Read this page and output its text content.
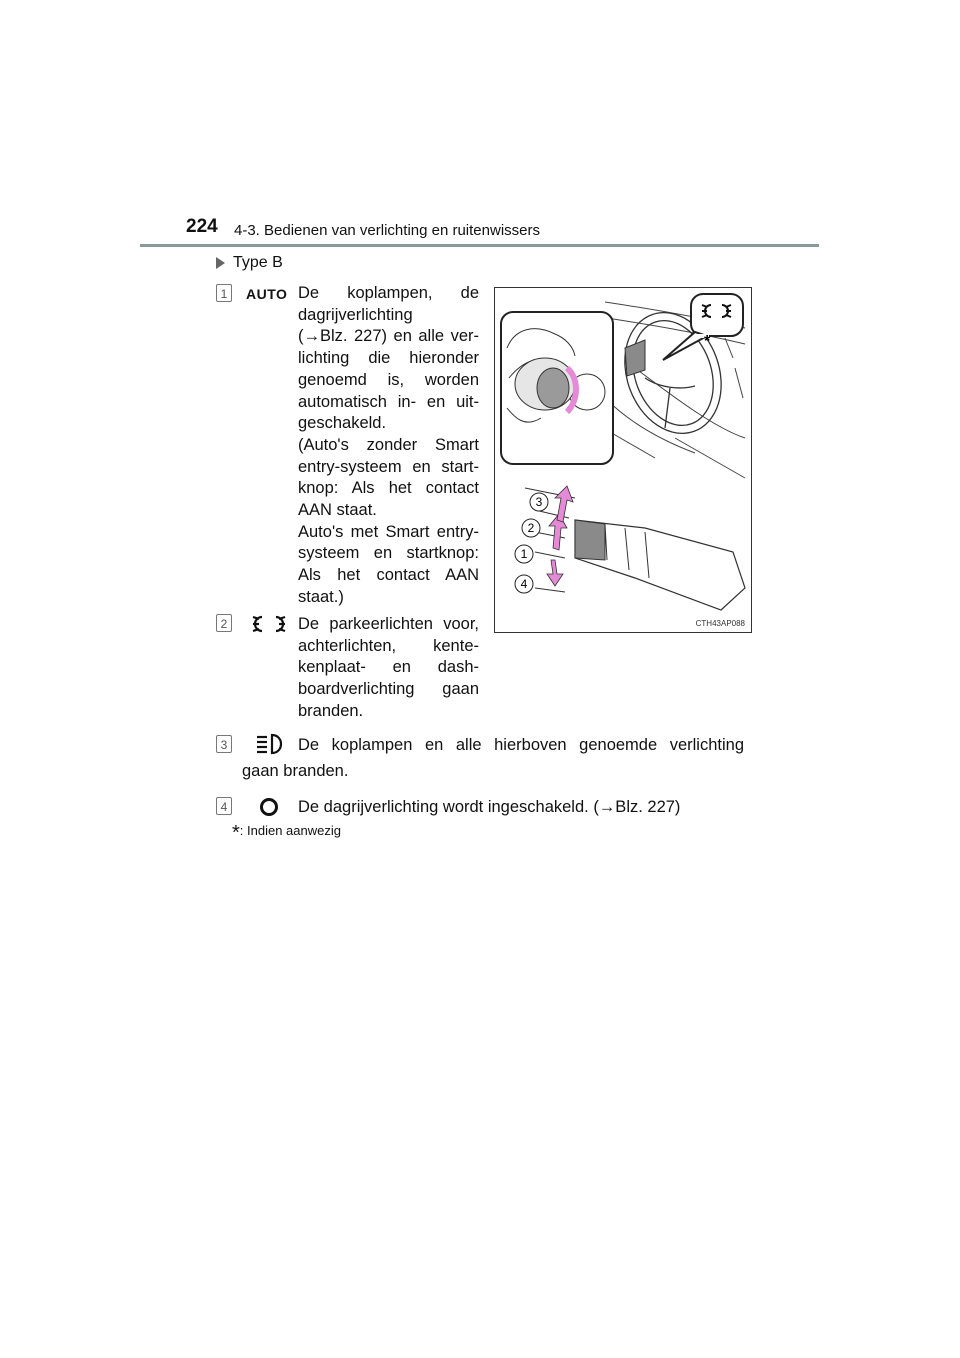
224 4-3. Bedienen van verlichting en ruitenwissers
Type B
1	AUTO De koplampen, de
dagrijverlichting
(→Blz. 227) en alle ver-
lichting die hieronder
genoemd is, worden
automatisch in- en uit-
geschakeld.
(Auto's zonder Smart
entry-systeem en start-
knop: Als het contact
AAN staat.
Auto's met Smart entry-
systeem en startknop:
Als het contact AAN
staat.)
2	De parkeerlichten voor,
achterlichten, kente-
kenplaat- en dash-
boardverlichting gaan
branden.
3	De koplampen en alle hierboven genoemde verlichting
gaan branden.
4	De dagrijverlichting wordt ingeschakeld. (→Blz. 227)
*: Indien aanwezig
*
3
2
1
4
CTH43AP088
